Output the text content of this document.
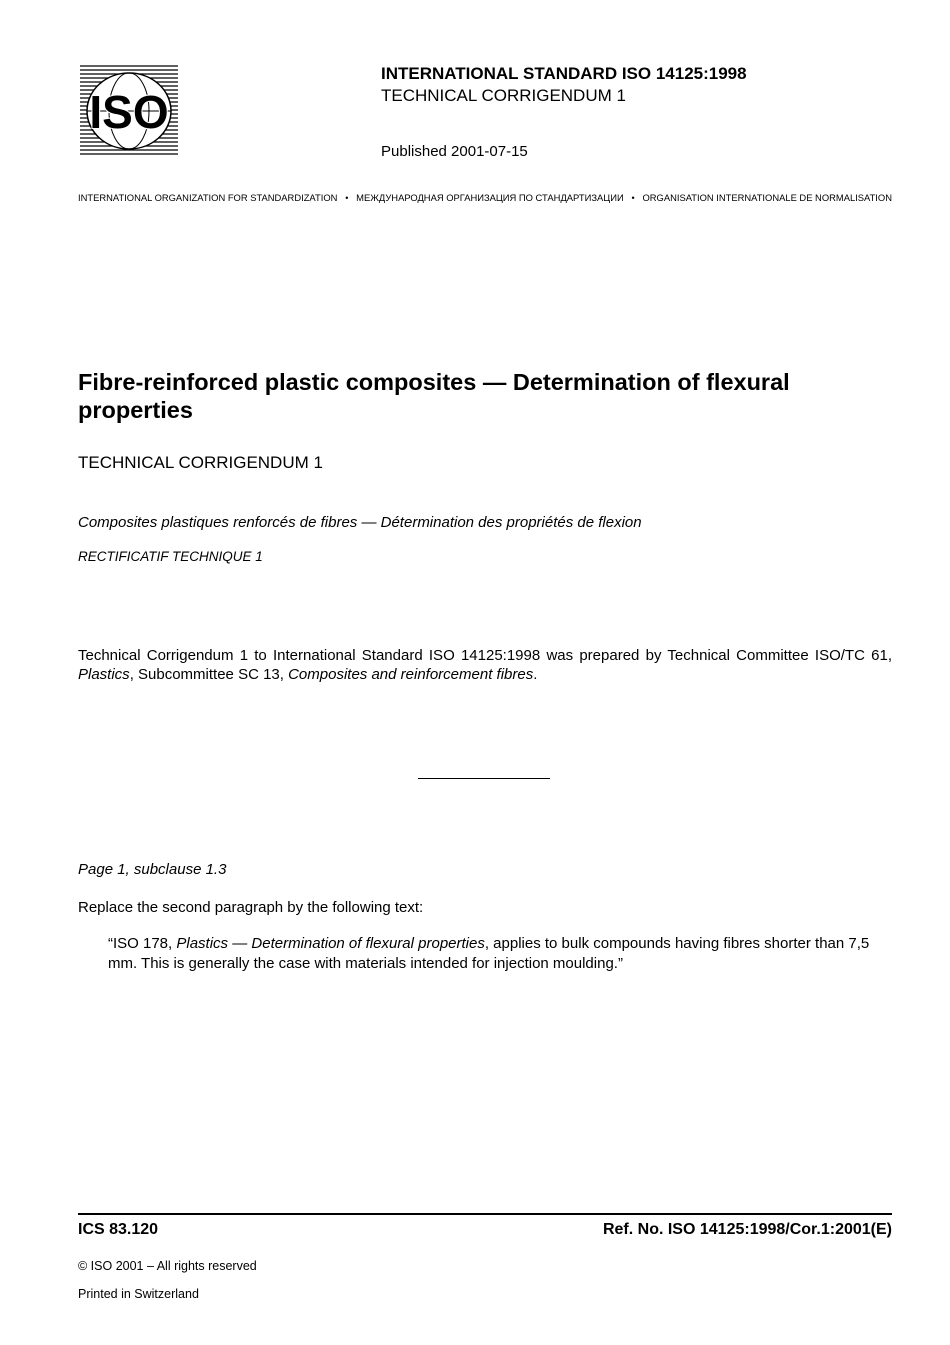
ISO
INTERNATIONAL STANDARD ISO 14125:1998
TECHNICAL CORRIGENDUM 1
Published 2001-07-15
INTERNATIONAL ORGANIZATION FOR STANDARDIZATION • МЕЖДУНАРОДНАЯ ОРГАНИЗАЦИЯ ПО СТАНДАРТИЗАЦИИ • ORGANISATION INTERNATIONALE DE NORMALISATION
Fibre-reinforced plastic composites — Determination of flexural properties
TECHNICAL CORRIGENDUM 1
Composites plastiques renforcés de fibres — Détermination des propriétés de flexion
RECTIFICATIF TECHNIQUE 1
Technical Corrigendum 1 to International Standard ISO 14125:1998 was prepared by Technical Committee ISO/TC 61, Plastics, Subcommittee SC 13, Composites and reinforcement fibres.
Page 1, subclause 1.3
Replace the second paragraph by the following text:
“ISO 178, Plastics — Determination of flexural properties, applies to bulk compounds having fibres shorter than 7,5 mm. This is generally the case with materials intended for injection moulding.”
ICS 83.120	Ref. No. ISO 14125:1998/Cor.1:2001(E)
© ISO 2001 – All rights reserved
Printed in Switzerland
